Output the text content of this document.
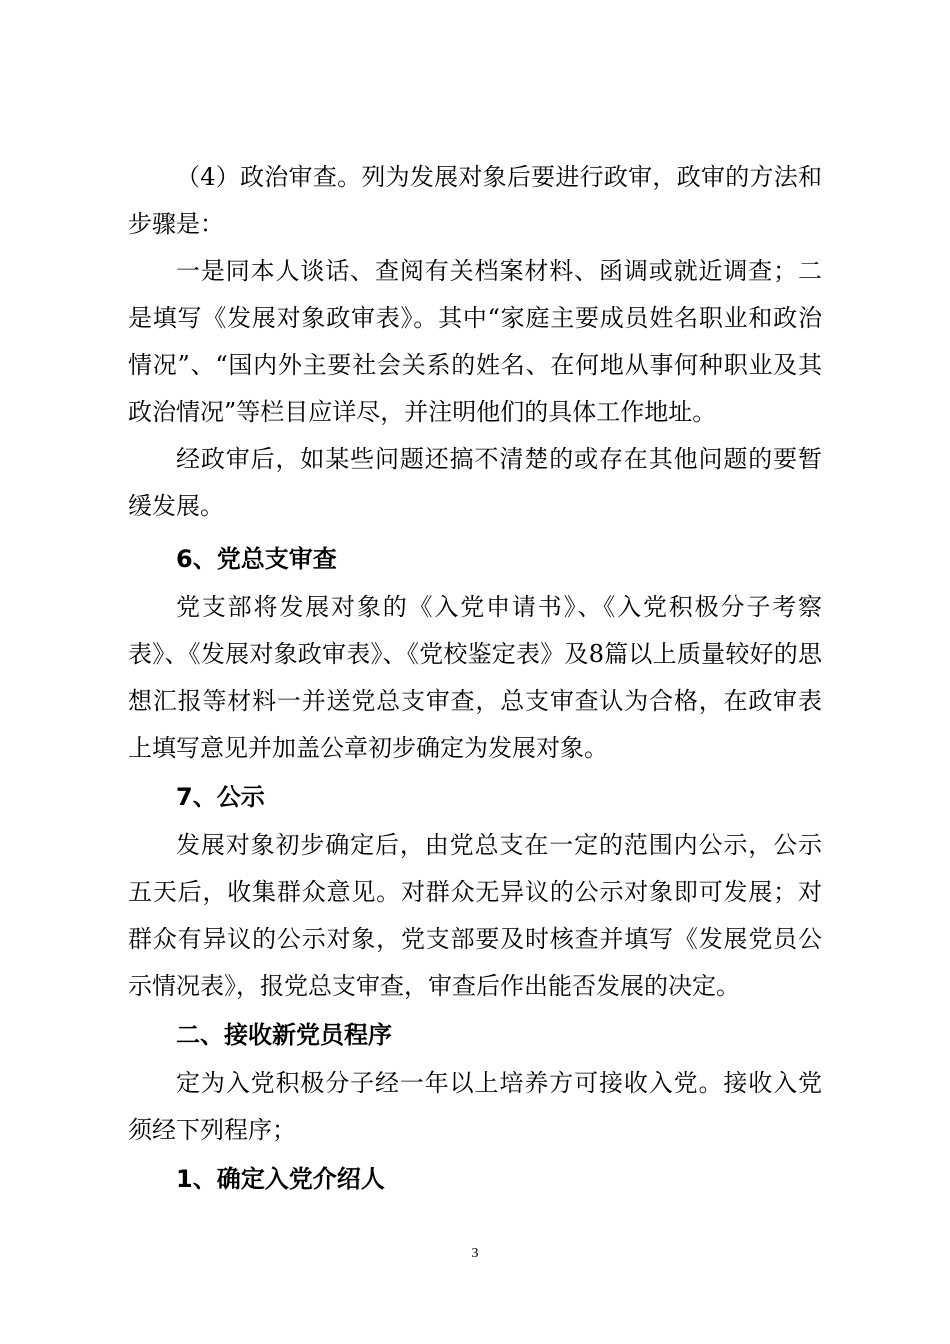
（4）政治审查。列为发展对象后要进行政审，政审的方法和步骤是：

一是同本人谈话、查阅有关档案材料、函调或就近调查；二是填写《发展对象政审表》。其中“家庭主要成员姓名职业和政治情况”、“国内外主要社会关系的姓名、在何地从事何种职业及其政治情况”等栏目应详尽，并注明他们的具体工作地址。

经政审后，如某些问题还搞不清楚的或存在其他问题的要暂缓发展。

6、党总支审查

党支部将发展对象的《入党申请书》、《入党积极分子考察表》、《发展对象政审表》、《党校鉴定表》及8篇以上质量较好的思想汇报等材料一并送党总支审查，总支审查认为合格，在政审表上填写意见并加盖公章初步确定为发展对象。

7、公示

发展对象初步确定后，由党总支在一定的范围内公示，公示五天后，收集群众意见。对群众无异议的公示对象即可发展；对群众有异议的公示对象，党支部要及时核查并填写《发展党员公示情况表》，报党总支审查，审查后作出能否发展的决定。

二、接收新党员程序

定为入党积极分子经一年以上培养方可接收入党。接收入党须经下列程序；

1、确定入党介绍人
3
